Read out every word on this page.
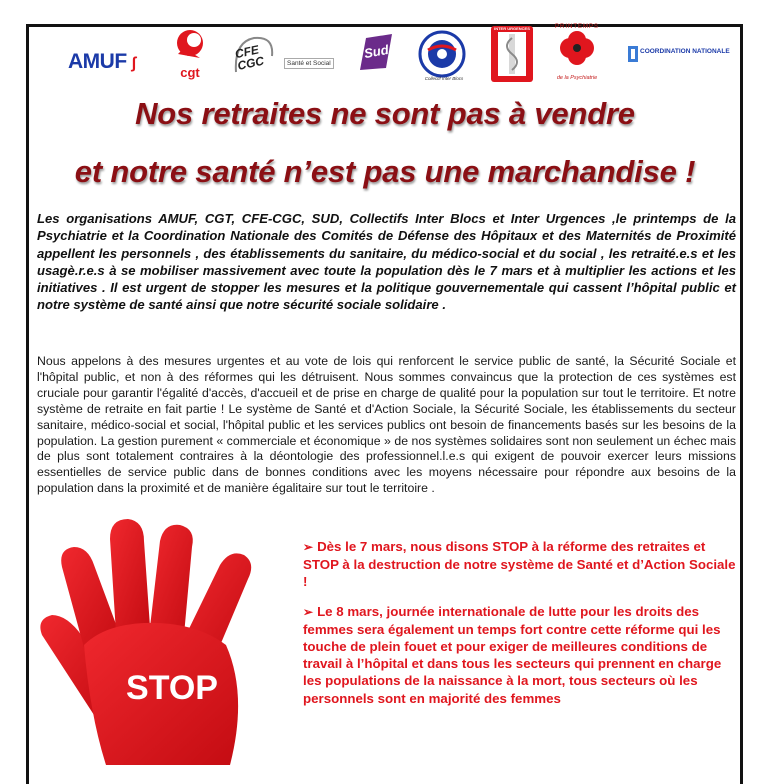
AMUF ʃ
cgt
CFE CGC	Santé et Social
Sud
Collectif Inter Blocs
INTER URGENCES	PRINTEMPS
de la Psychiatrie
COORDINATION NATIONALE
Nos retraites ne sont pas à vendre
et notre santé n’est pas une marchandise !

Les organisations AMUF, CGT, CFE-CGC, SUD, Collectifs Inter Blocs et Inter Urgences ,le printemps de la Psychiatrie et la Coordination Nationale des Comités de Défense des Hôpitaux et des Maternités de Proximité appellent les personnels , des établissements du sanitaire, du médico-social et du social , les retraité.e.s et les usagè.r.e.s à se mobiliser massivement avec toute la population dès le 7 mars et à multiplier les actions et les initiatives . Il est urgent de stopper les mesures et la politique gouvernementale qui cassent l’hôpital public et notre système de santé ainsi que notre sécurité sociale solidaire .

Nous appelons à des mesures urgentes et au vote de lois qui renforcent le service public de santé, la Sécurité Sociale et l'hôpital public, et non à des réformes qui les détruisent. Nous sommes convaincus que la protection de ces systèmes est cruciale pour garantir l'égalité d'accès, d'accueil et de prise en charge de qualité pour la population sur tout le territoire. Et notre système de retraite en fait partie ! Le système de Santé et d'Action Sociale, la Sécurité Sociale, les établissements du secteur sanitaire, médico-social et social, l'hôpital public et les services publics ont besoin de financements basés sur les besoins de la population. La gestion purement « commerciale et économique » de nos systèmes solidaires sont non seulement un échec mais de plus sont totalement contraires à la déontologie des professionnel.l.e.s qui exigent de pouvoir exercer leurs missions essentielles de service public dans de bonnes conditions avec les moyens nécessaire pour répondre aux besoins de la population dans la proximité et de manière égalitaire sur tout le territoire .

STOP

➢ Dès le 7 mars, nous disons STOP à la réforme des retraites et STOP à la destruction de notre système de Santé et d’Action Sociale !

➢ Le 8 mars, journée internationale de lutte pour les droits des femmes sera également un temps fort contre cette réforme qui les touche de plein fouet et pour exiger de meilleures conditions de travail à l’hôpital et dans tous les secteurs qui prennent en charge les populations de la naissance à la mort, tous secteurs où les personnels sont en majorité des femmes
